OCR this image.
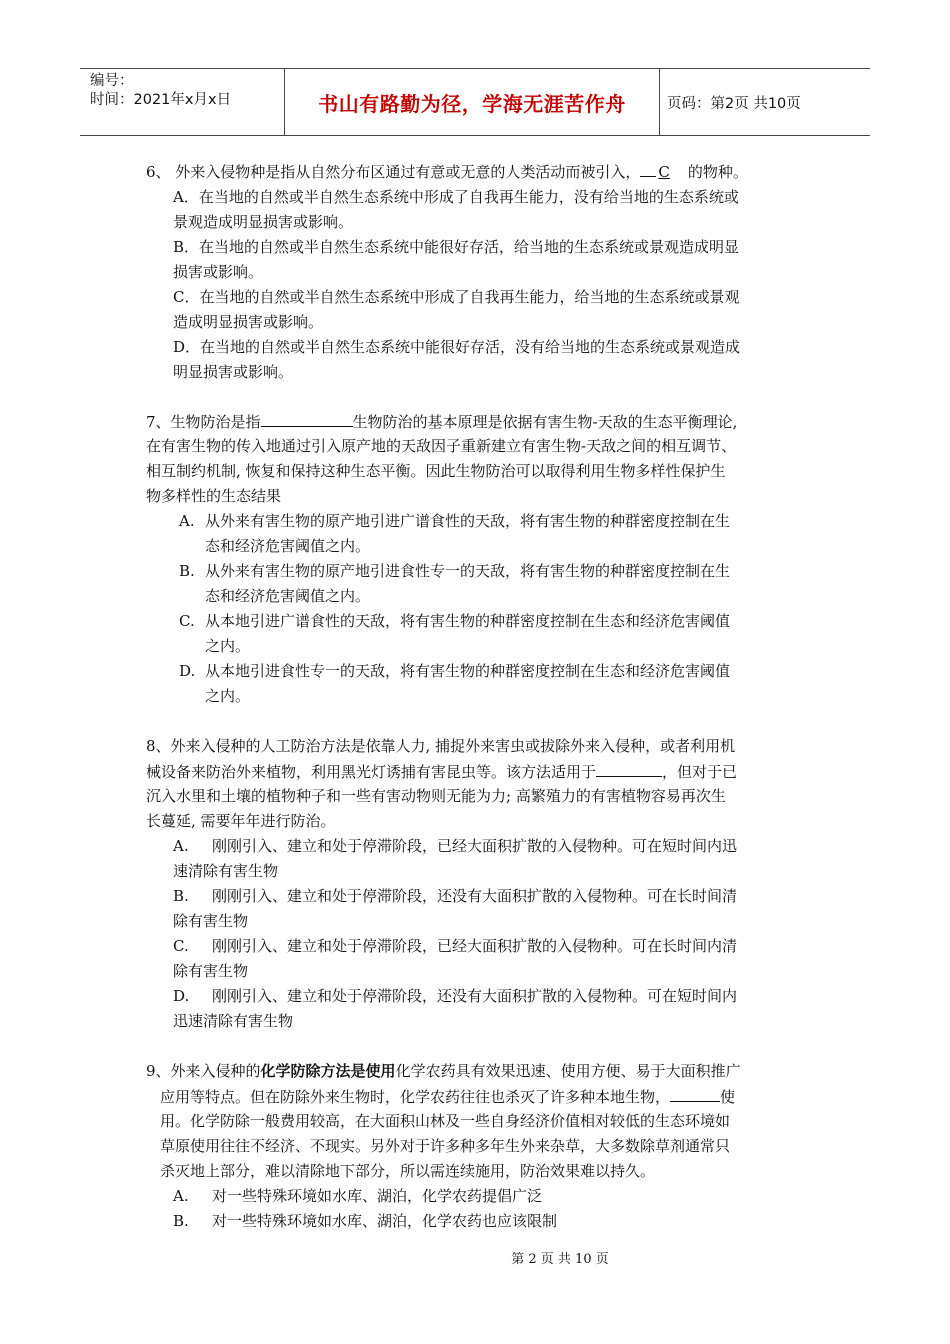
编号：
时间：2021年x月x日	书山有路勤为径，学海无涯苦作舟	页码：第2页 共10页
6、 外来入侵物种是指从自然分布区通过有意或无意的人类活动而被引入， C 的物种。
A．在当地的自然或半自然生态系统中形成了自我再生能力，没有给当地的生态系统或
景观造成明显损害或影响。
B．在当地的自然或半自然生态系统中能很好存活，给当地的生态系统或景观造成明显
损害或影响。
C．在当地的自然或半自然生态系统中形成了自我再生能力，给当地的生态系统或景观
造成明显损害或影响。
D．在当地的自然或半自然生态系统中能很好存活，没有给当地的生态系统或景观造成
明显损害或影响。
7、生物防治是指	生物防治的基本原理是依据有害生物-天敌的生态平衡理论,
在有害生物的传入地通过引入原产地的天敌因子重新建立有害生物-天敌之间的相互调节、
相互制约机制, 恢复和保持这种生态平衡。因此生物防治可以取得利用生物多样性保护生
物多样性的生态结果
A. 从外来有害生物的原产地引进广谱食性的天敌，将有害生物的种群密度控制在生
态和经济危害阈值之内。
B. 从外来有害生物的原产地引进食性专一的天敌，将有害生物的种群密度控制在生
态和经济危害阈值之内。
C. 从本地引进广谱食性的天敌，将有害生物的种群密度控制在生态和经济危害阈值
之内。
D. 从本地引进食性专一的天敌，将有害生物的种群密度控制在生态和经济危害阈值
之内。
8、外来入侵种的人工防治方法是依靠人力, 捕捉外来害虫或拔除外来入侵种，或者利用机
械设备来防治外来植物，利用黑光灯诱捕有害昆虫等。该方法适用于	，但对于已
沉入水里和土壤的植物种子和一些有害动物则无能为力; 高繁殖力的有害植物容易再次生
长蔓延, 需要年年进行防治。
A. 刚刚引入、建立和处于停滞阶段，已经大面积扩散的入侵物种。可在短时间内迅
速清除有害生物
B. 刚刚引入、建立和处于停滞阶段，还没有大面积扩散的入侵物种。可在长时间清
除有害生物
C. 刚刚引入、建立和处于停滞阶段，已经大面积扩散的入侵物种。可在长时间内清
除有害生物
D. 刚刚引入、建立和处于停滞阶段，还没有大面积扩散的入侵物种。可在短时间内
迅速清除有害生物
9、外来入侵种的化学防除方法是使用化学农药具有效果迅速、使用方便、易于大面积推广
应用等特点。但在防除外来生物时，化学农药往往也杀灭了许多种本地生物，	使
用。化学防除一般费用较高，在大面积山林及一些自身经济价值相对较低的生态环境如
草原使用往往不经济、不现实。另外对于许多种多年生外来杂草，大多数除草剂通常只
杀灭地上部分，难以清除地下部分，所以需连续施用，防治效果难以持久。
A. 对一些特殊环境如水库、湖泊，化学农药提倡广泛
B. 对一些特殊环境如水库、湖泊，化学农药也应该限制
第 2 页 共 10 页
